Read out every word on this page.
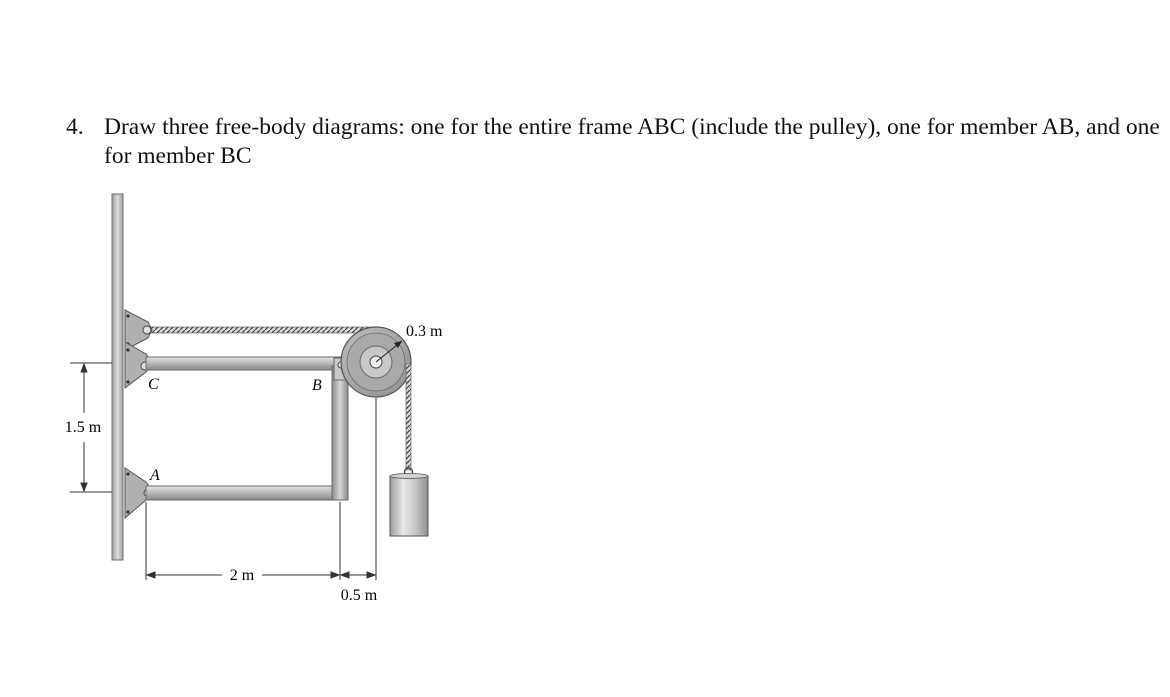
4. Draw three free-body diagrams: one for the entire frame ABC (include the pulley), one for member AB, and one for member BC
1.5 m
0.3 m
C	B
A
2 m
0.5 m
